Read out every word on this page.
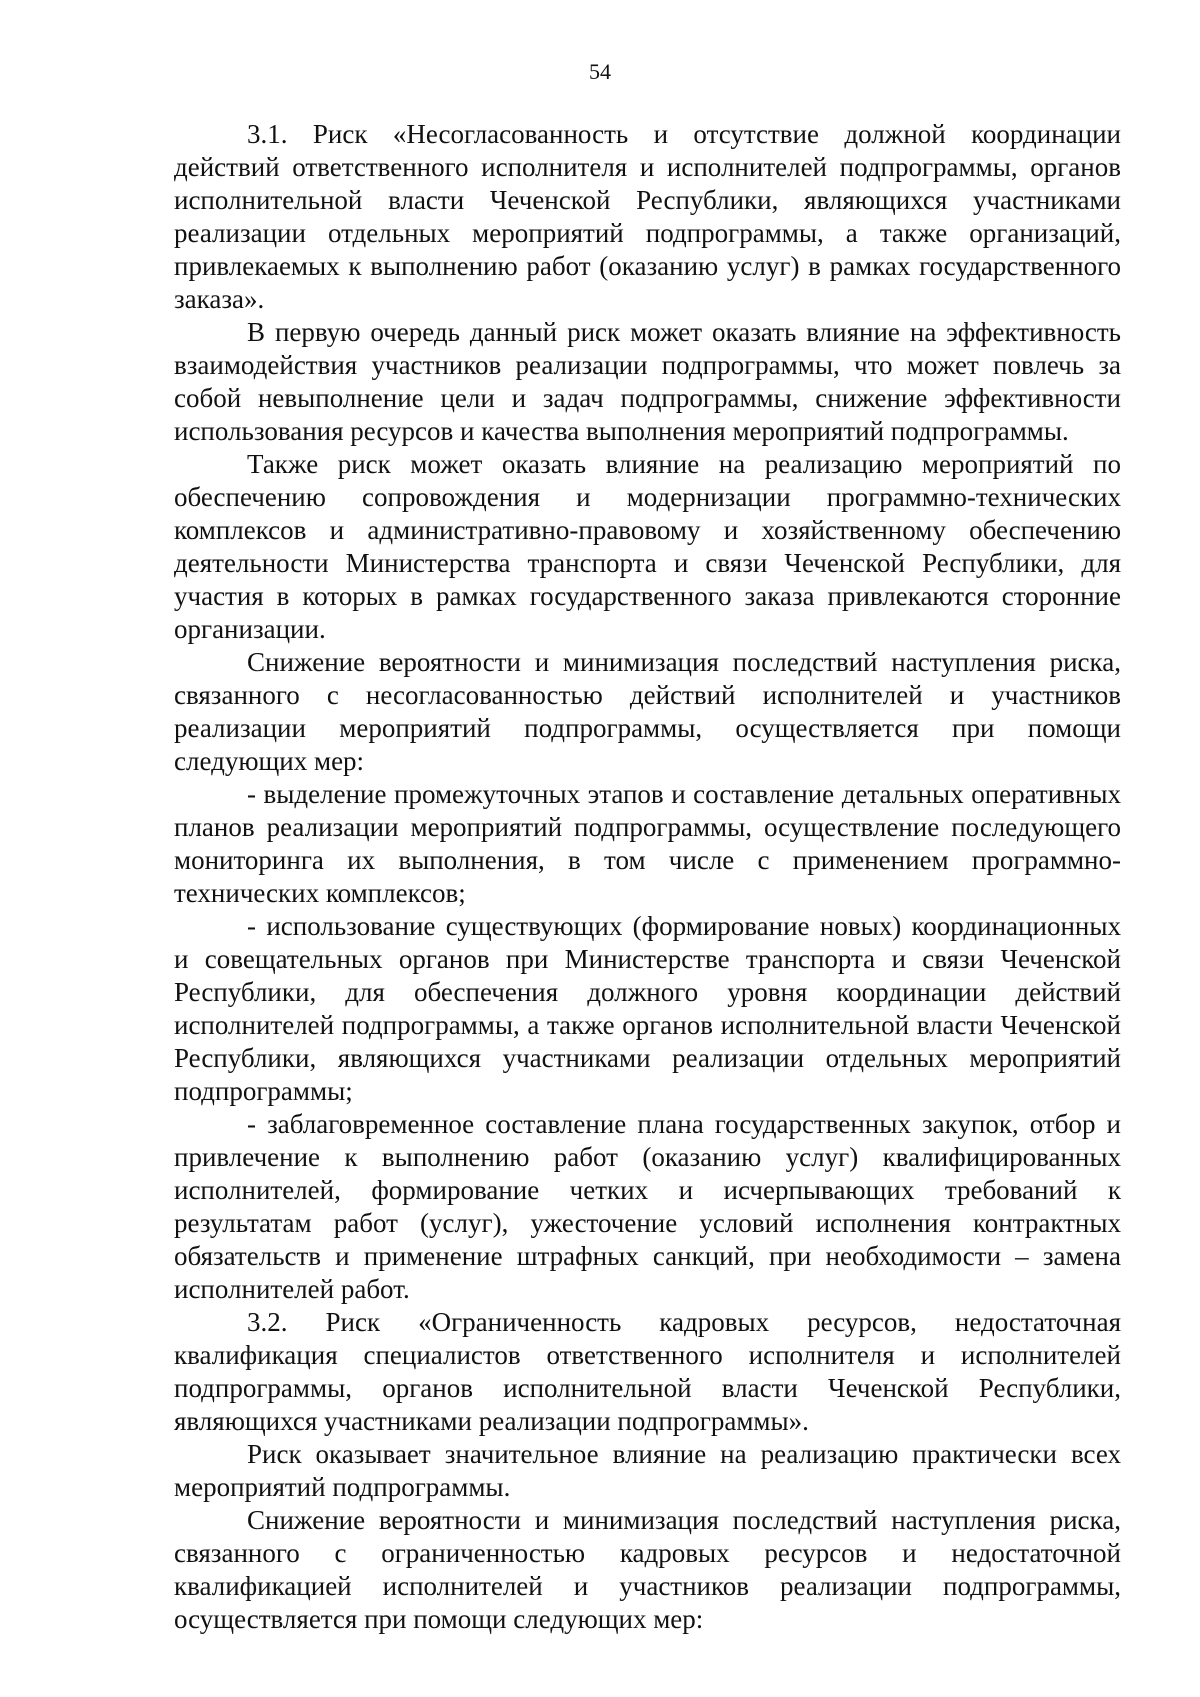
54

3.1. Риск «Несогласованность и отсутствие должной координации действий ответственного исполнителя и исполнителей подпрограммы, органов исполнительной власти Чеченской Республики, являющихся участниками реализации отдельных мероприятий подпрограммы, а также организаций, привлекаемых к выполнению работ (оказанию услуг) в рамках государственного заказа».

В первую очередь данный риск может оказать влияние на эффективность взаимодействия участников реализации подпрограммы, что может повлечь за собой невыполнение цели и задач подпрограммы, снижение эффективности использования ресурсов и качества выполнения мероприятий подпрограммы.

Также риск может оказать влияние на реализацию мероприятий по обеспечению сопровождения и модернизации программно-технических комплексов и административно-правовому и хозяйственному обеспечению деятельности Министерства транспорта и связи Чеченской Республики, для участия в которых в рамках государственного заказа привлекаются сторонние организации.

Снижение вероятности и минимизация последствий наступления риска, связанного с несогласованностью действий исполнителей и участников реализации мероприятий подпрограммы, осуществляется при помощи следующих мер:

- выделение промежуточных этапов и составление детальных оперативных планов реализации мероприятий подпрограммы, осуществление последующего мониторинга их выполнения, в том числе с применением программно-технических комплексов;

- использование существующих (формирование новых) координационных и совещательных органов при Министерстве транспорта и связи Чеченской Республики, для обеспечения должного уровня координации действий исполнителей подпрограммы, а также органов исполнительной власти Чеченской Республики, являющихся участниками реализации отдельных мероприятий подпрограммы;

- заблаговременное составление плана государственных закупок, отбор и привлечение к выполнению работ (оказанию услуг) квалифицированных исполнителей, формирование четких и исчерпывающих требований к результатам работ (услуг), ужесточение условий исполнения контрактных обязательств и применение штрафных санкций, при необходимости – замена исполнителей работ.

3.2. Риск «Ограниченность кадровых ресурсов, недостаточная квалификация специалистов ответственного исполнителя и исполнителей подпрограммы, органов исполнительной власти Чеченской Республики, являющихся участниками реализации подпрограммы».

Риск оказывает значительное влияние на реализацию практически всех мероприятий подпрограммы.

Снижение вероятности и минимизация последствий наступления риска, связанного с ограниченностью кадровых ресурсов и недостаточной квалификацией исполнителей и участников реализации подпрограммы, осуществляется при помощи следующих мер:
